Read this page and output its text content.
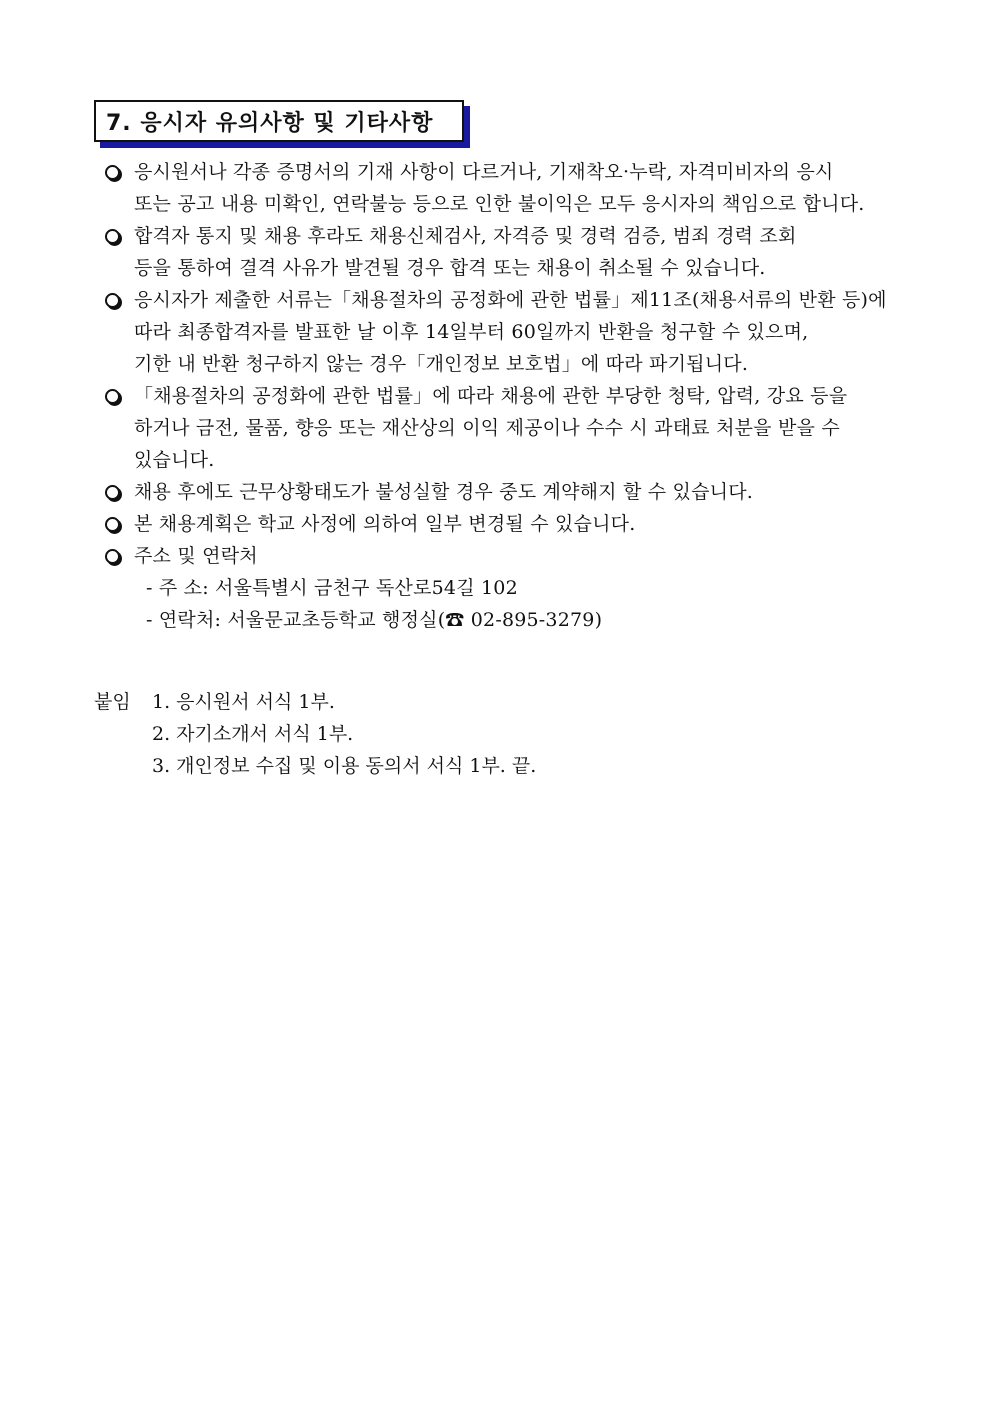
7. 응시자 유의사항 및 기타사항
응시원서나 각종 증명서의 기재 사항이 다르거나, 기재착오·누락, 자격미비자의 응시
또는 공고 내용 미확인, 연락불능 등으로 인한 불이익은 모두 응시자의 책임으로 합니다.
합격자 통지 및 채용 후라도 채용신체검사, 자격증 및 경력 검증, 범죄 경력 조회
등을 통하여 결격 사유가 발견될 경우 합격 또는 채용이 취소될 수 있습니다.
응시자가 제출한 서류는「채용절차의 공정화에 관한 법률」제11조(채용서류의 반환 등)에
따라 최종합격자를 발표한 날 이후 14일부터 60일까지 반환을 청구할 수 있으며,
기한 내 반환 청구하지 않는 경우「개인정보 보호법」에 따라 파기됩니다.
「채용절차의 공정화에 관한 법률」에 따라 채용에 관한 부당한 청탁, 압력, 강요 등을
하거나 금전, 물품, 향응 또는 재산상의 이익 제공이나 수수 시 과태료 처분을 받을 수
있습니다.
채용 후에도 근무상황태도가 불성실할 경우 중도 계약해지 할 수 있습니다.
본 채용계획은 학교 사정에 의하여 일부 변경될 수 있습니다.
주소 및 연락처
- 주 소: 서울특별시 금천구 독산로54길 102
- 연락처: 서울문교초등학교 행정실(☎ 02-895-3279)
붙임 1. 응시원서 서식 1부.
2. 자기소개서 서식 1부.
3. 개인정보 수집 및 이용 동의서 서식 1부. 끝.
